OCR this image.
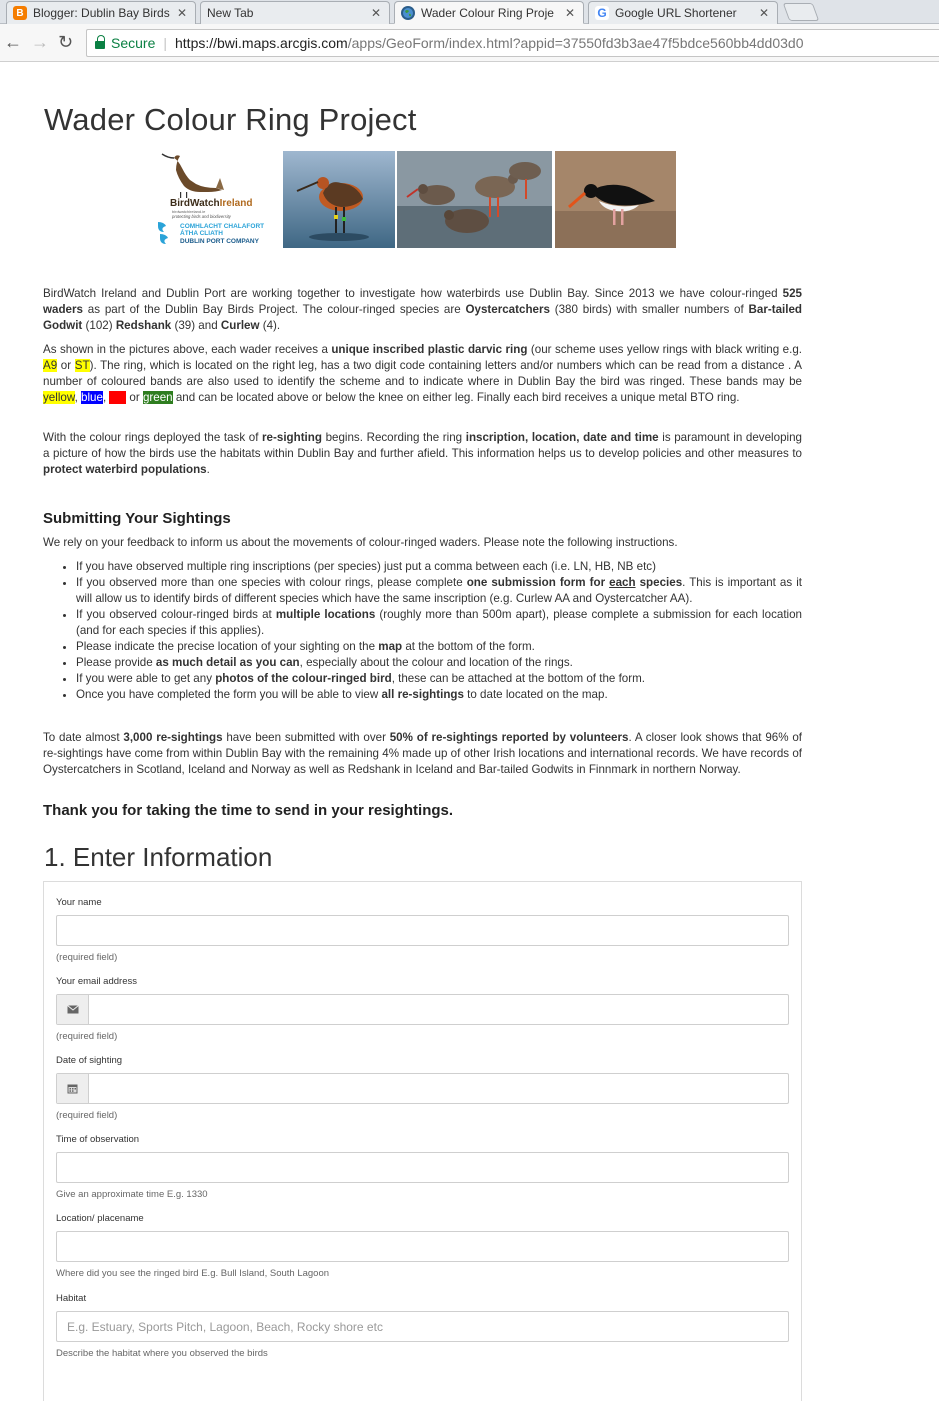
B Blogger: Dublin Bay Birds ✕ New Tab	✕	Wader Colour Ring Proje ✕ G Google URL Shortener	✕
← → ↻	Secure | https://bwi.maps.arcgis.com /apps/GeoForm/index.html?appid=37550fd3b3ae47f5bdce560bb4dd03d0
Wader Colour Ring Project
BirdWatchIreland
birdwatchireland.ie
protecting birds and biodiversity
COMHLACHT CHALAFORT
ÁTHA CLIATH
DUBLIN PORT COMPANY

BirdWatch Ireland and Dublin Port are working together to investigate how waterbirds use Dublin Bay. Since 2013 we have colour-ringed 525 waders as part of the Dublin Bay Birds Project. The colour-ringed species are Oystercatchers (380 birds) with smaller numbers of Bar-tailed Godwit (102) Redshank (39) and Curlew (4).

As shown in the pictures above, each wader receives a unique inscribed plastic darvic ring (our scheme uses yellow rings with black writing e.g. A9 or ST). The ring, which is located on the right leg, has a two digit code containing letters and/or numbers which can be read from a distance . A number of coloured bands are also used to identify the scheme and to indicate where in Dublin Bay the bird was ringed. These bands may be yellow, blue, red or green and can be located above or below the knee on either leg. Finally each bird receives a unique metal BTO ring.

With the colour rings deployed the task of re-sighting begins. Recording the ring inscription, location, date and time is paramount in developing a picture of how the birds use the habitats within Dublin Bay and further afield. This information helps us to develop policies and other measures to protect waterbird populations.

Submitting Your Sightings

We rely on your feedback to inform us about the movements of colour-ringed waders. Please note the following instructions.

• If you have observed multiple ring inscriptions (per species) just put a comma between each (i.e. LN, HB, NB etc)
• If you observed more than one species with colour rings, please complete one submission form for each species. This is important as it will allow us to identify birds of different species which have the same inscription (e.g. Curlew AA and Oystercatcher AA).
• If you observed colour-ringed birds at multiple locations (roughly more than 500m apart), please complete a submission for each location (and for each species if this applies).
• Please indicate the precise location of your sighting on the map at the bottom of the form.
• Please provide as much detail as you can, especially about the colour and location of the rings.
• If you were able to get any photos of the colour-ringed bird, these can be attached at the bottom of the form.
• Once you have completed the form you will be able to view all re-sightings to date located on the map.

To date almost 3,000 re-sightings have been submitted with over 50% of re-sightings reported by volunteers. A closer look shows that 96% of re-sightings have come from within Dublin Bay with the remaining 4% made up of other Irish locations and international records. We have records of Oystercatchers in Scotland, Iceland and Norway as well as Redshank in Iceland and Bar-tailed Godwits in Finnmark in northern Norway.

Thank you for taking the time to send in your resightings.

1. Enter Information
Your name
(required field)
Your email address
(required field)
Date of sighting
(required field)
Time of observation
Give an approximate time E.g. 1330
Location/ placename
Where did you see the ringed bird E.g. Bull Island, South Lagoon
Habitat
E.g. Estuary, Sports Pitch, Lagoon, Beach, Rocky shore etc
Describe the habitat where you observed the birds
